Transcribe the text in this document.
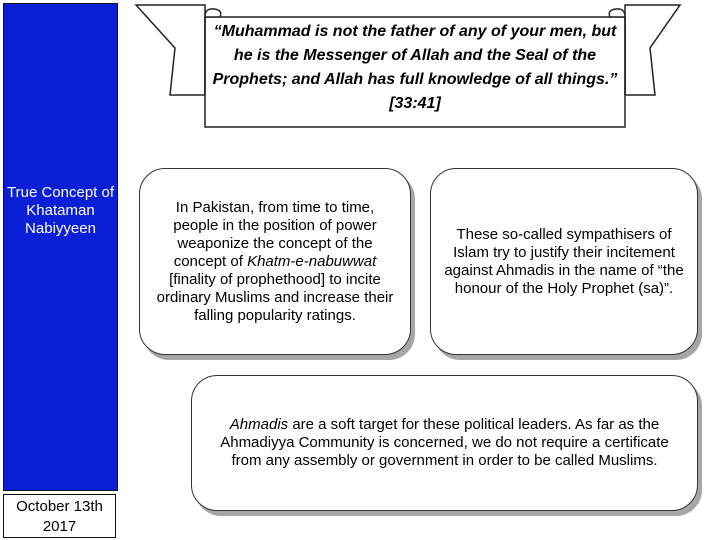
True Concept of Khataman Nabiyyeen
October 13th 2017
“Muhammad is not the father of any of your men, but he is the Messenger of Allah and the Seal of the Prophets; and Allah has full knowledge of all things.” [33:41]

In Pakistan, from time to time, people in the position of power weaponize the concept of the concept of Khatm-e-nabuwwat [finality of prophethood] to incite ordinary Muslims and increase their falling popularity ratings.

These so-called sympathisers of Islam try to justify their incitement against Ahmadis in the name of “the honour of the Holy Prophet (sa)”.

Ahmadis are a soft target for these political leaders. As far as the Ahmadiyya Community is concerned, we do not require a certificate from any assembly or government in order to be called Muslims.
